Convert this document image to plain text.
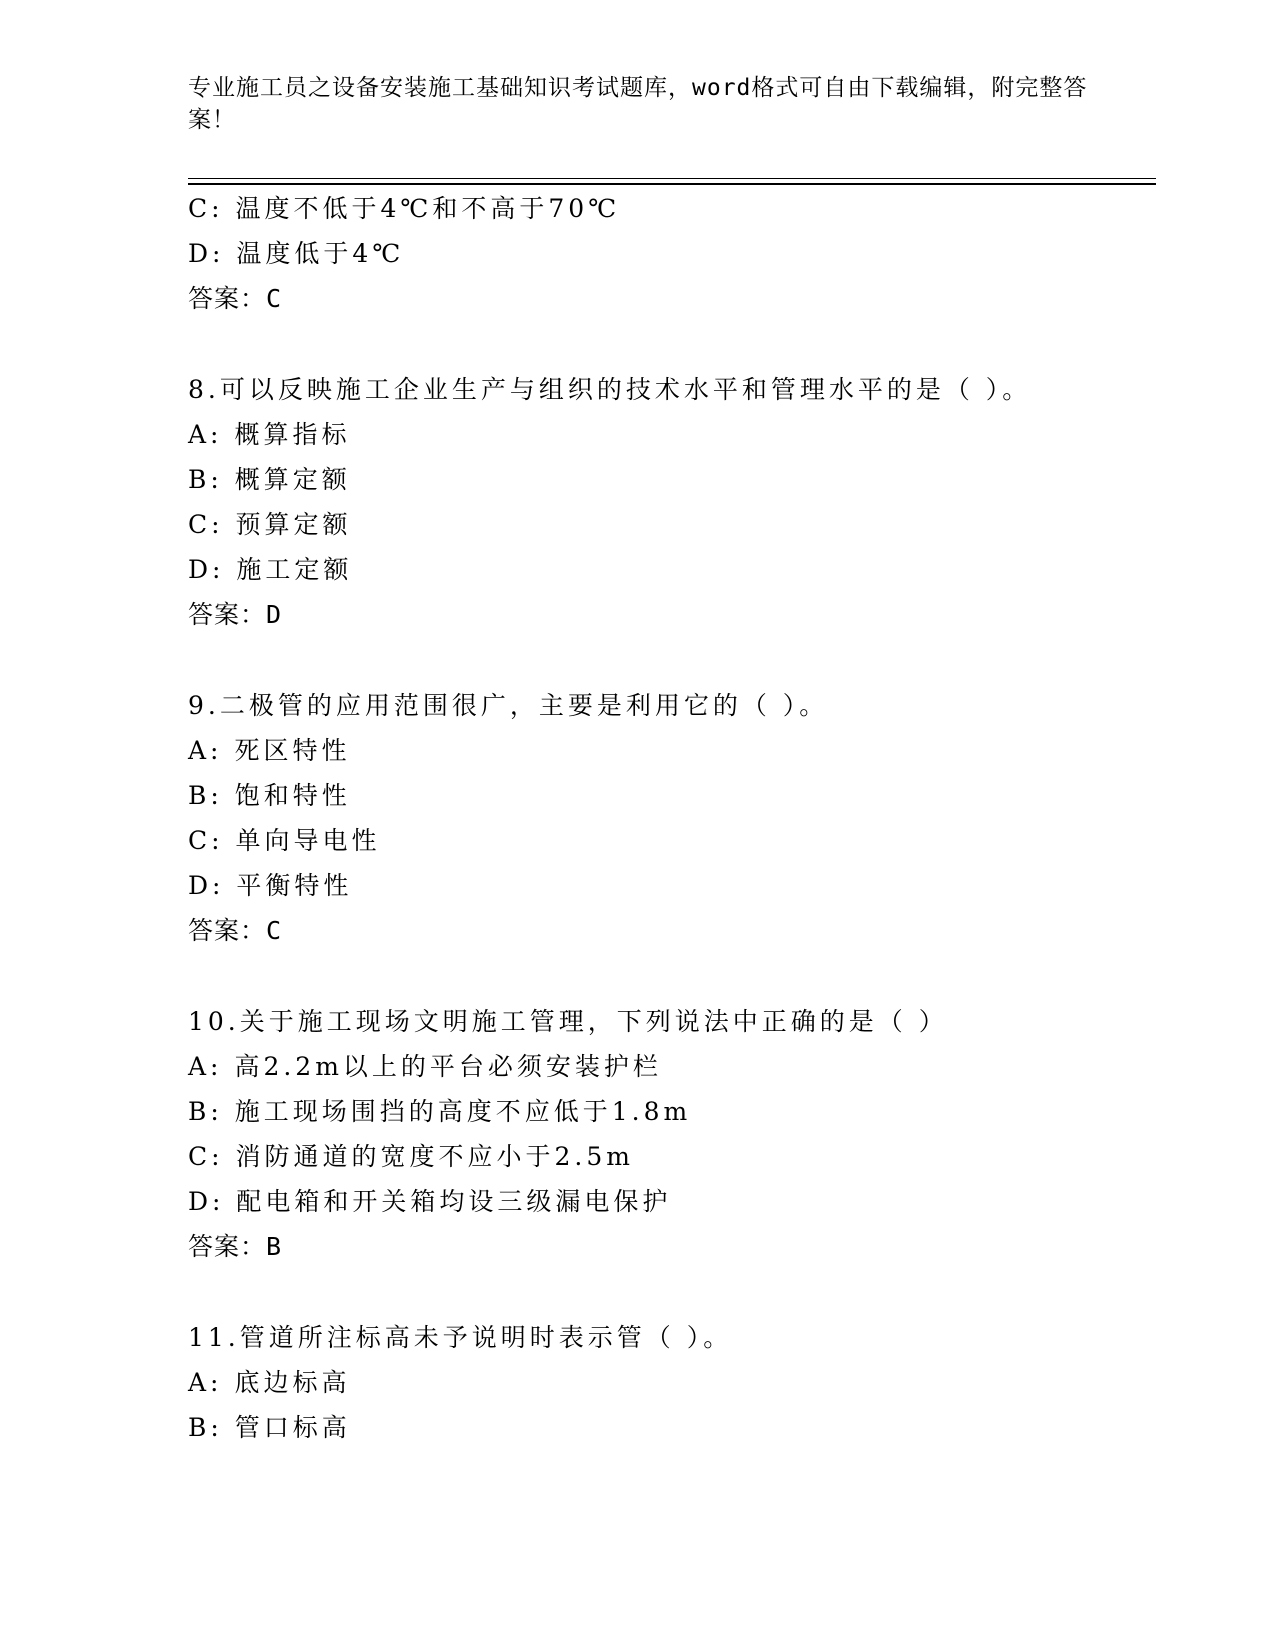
专业施工员之设备安装施工基础知识考试题库，word格式可自由下载编辑，附完整答案！
C: 温度不低于4℃和不高于70℃
D: 温度低于4℃
答案：C
8.可以反映施工企业生产与组织的技术水平和管理水平的是（ ）。
A: 概算指标
B: 概算定额
C: 预算定额
D: 施工定额
答案：D
9.二极管的应用范围很广，主要是利用它的（ ）。
A: 死区特性
B: 饱和特性
C: 单向导电性
D: 平衡特性
答案：C
10.关于施工现场文明施工管理，下列说法中正确的是（ ）
A: 高2.2m以上的平台必须安装护栏
B: 施工现场围挡的高度不应低于1.8m
C: 消防通道的宽度不应小于2.5m
D: 配电箱和开关箱均设三级漏电保护
答案：B
11.管道所注标高未予说明时表示管（ ）。
A: 底边标高
B: 管口标高
